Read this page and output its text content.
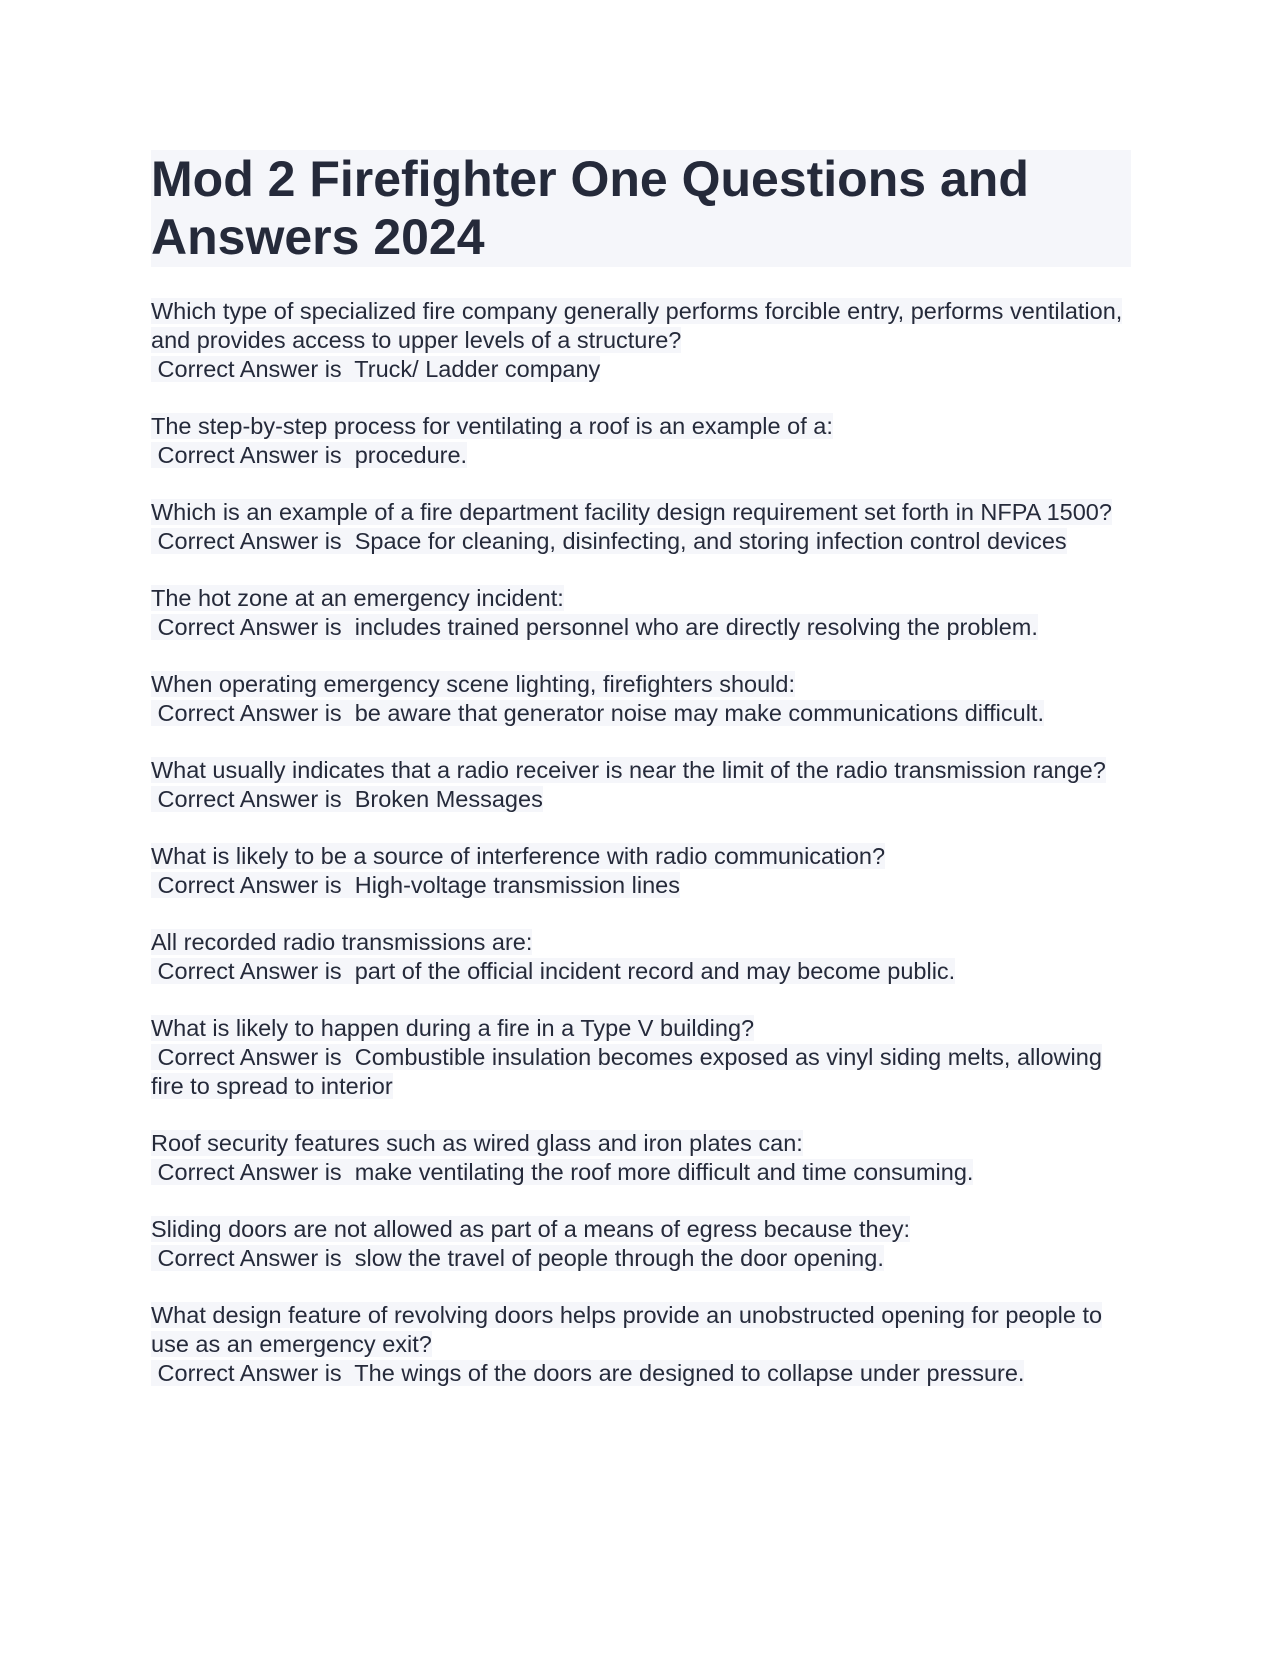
Mod 2 Firefighter One Questions and Answers 2024
Which type of specialized fire company generally performs forcible entry, performs ventilation, and provides access to upper levels of a structure?
Correct Answer is  Truck/ Ladder company
The step-by-step process for ventilating a roof is an example of a:
Correct Answer is  procedure.
Which is an example of a fire department facility design requirement set forth in NFPA 1500?
Correct Answer is  Space for cleaning, disinfecting, and storing infection control devices
The hot zone at an emergency incident:
Correct Answer is  includes trained personnel who are directly resolving the problem.
When operating emergency scene lighting, firefighters should:
Correct Answer is  be aware that generator noise may make communications difficult.
What usually indicates that a radio receiver is near the limit of the radio transmission range?
Correct Answer is  Broken Messages
What is likely to be a source of interference with radio communication?
Correct Answer is  High-voltage transmission lines
All recorded radio transmissions are:
Correct Answer is  part of the official incident record and may become public.
What is likely to happen during a fire in a Type V building?
Correct Answer is  Combustible insulation becomes exposed as vinyl siding melts, allowing fire to spread to interior
Roof security features such as wired glass and iron plates can:
Correct Answer is  make ventilating the roof more difficult and time consuming.
Sliding doors are not allowed as part of a means of egress because they:
Correct Answer is  slow the travel of people through the door opening.
What design feature of revolving doors helps provide an unobstructed opening for people to use as an emergency exit?
Correct Answer is  The wings of the doors are designed to collapse under pressure.
